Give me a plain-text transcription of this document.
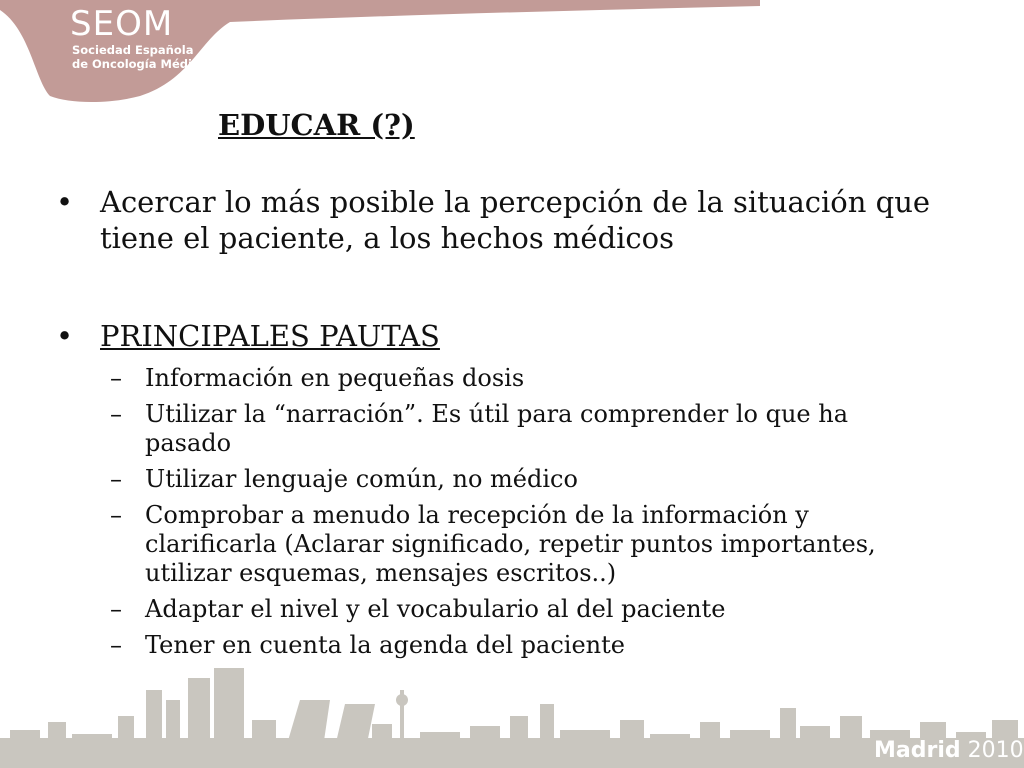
SEOM
Sociedad Española
de Oncología Médica
EDUCAR (?)
• Acercar lo más posible la percepción de la situación que tiene el paciente, a los hechos médicos
• PRINCIPALES PAUTAS
– Información en pequeñas dosis
– Utilizar la “narración”. Es útil para comprender lo que ha pasado
– Utilizar lenguaje común, no médico
– Comprobar a menudo la recepción de la información y clarificarla (Aclarar significado, repetir puntos importantes, utilizar esquemas, mensajes escritos..)
– Adaptar el nivel y el vocabulario al del paciente
– Tener en cuenta la agenda del paciente
Madrid 2010
